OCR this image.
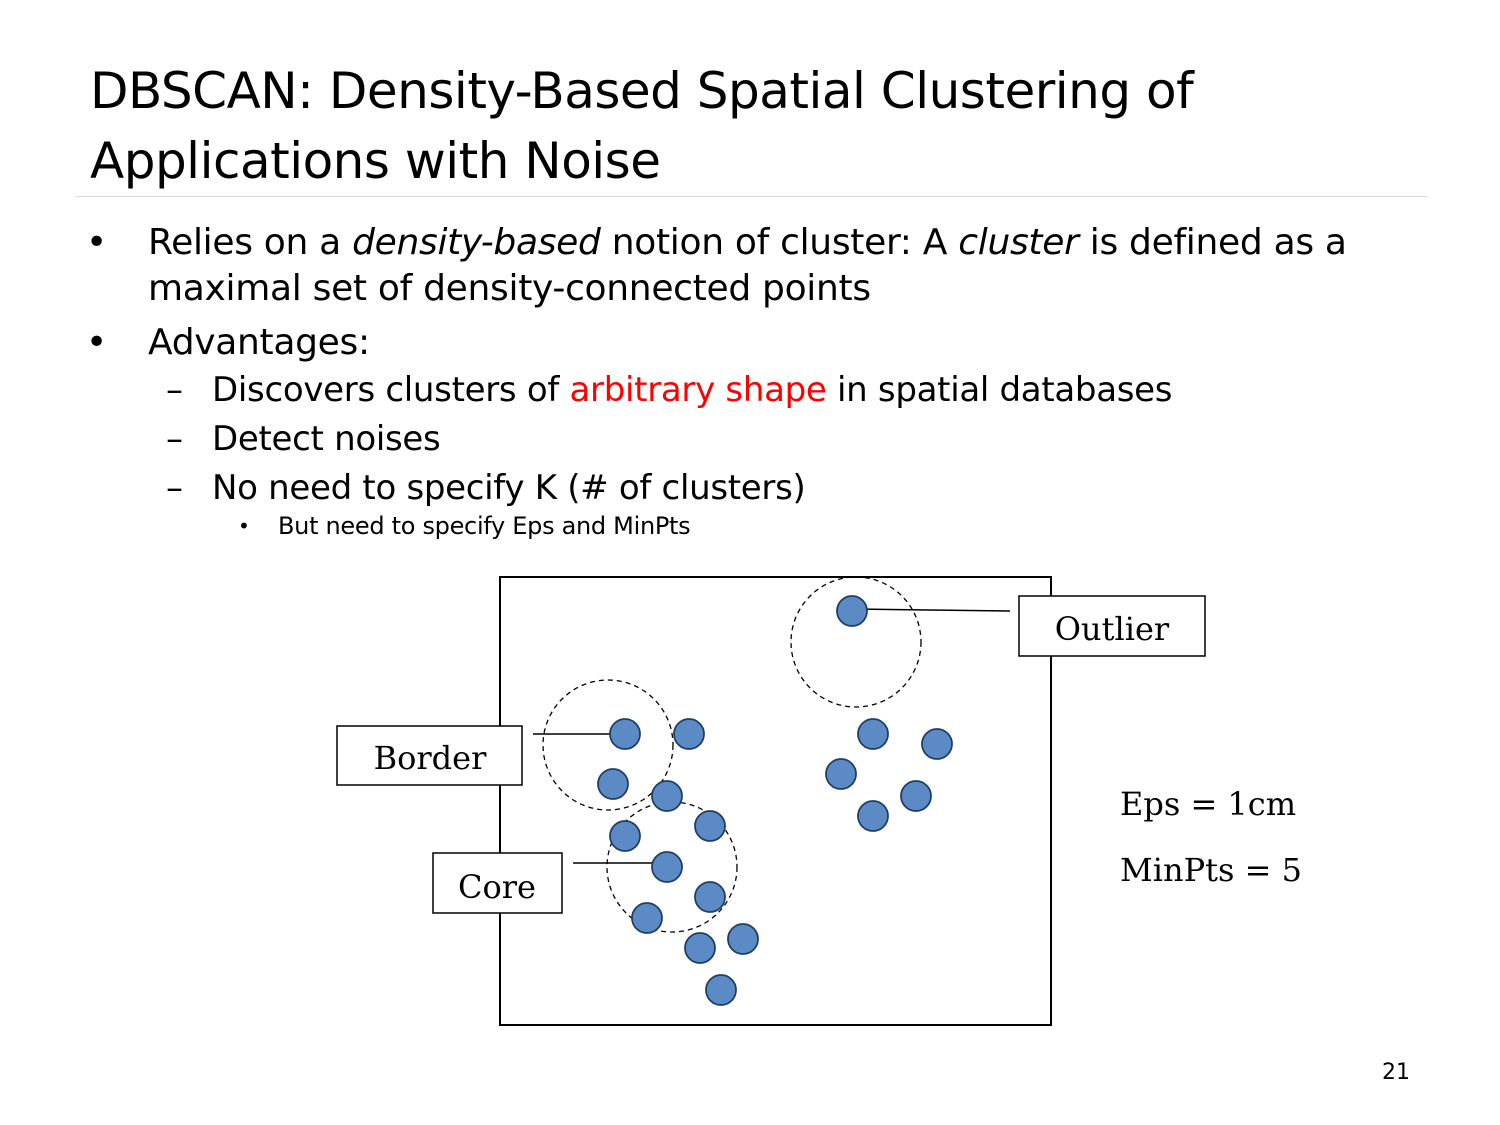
DBSCAN: Density-Based Spatial Clustering of
Applications with Noise
• Relies on a density-based notion of cluster: A cluster is defined as a maximal set of density-connected points
• Advantages:
– Discovers clusters of arbitrary shape in spatial databases
– Detect noises
– No need to specify K (# of clusters)
• But need to specify Eps and MinPts
Outlier
Border
Core
Eps = 1cm
MinPts = 5
21
